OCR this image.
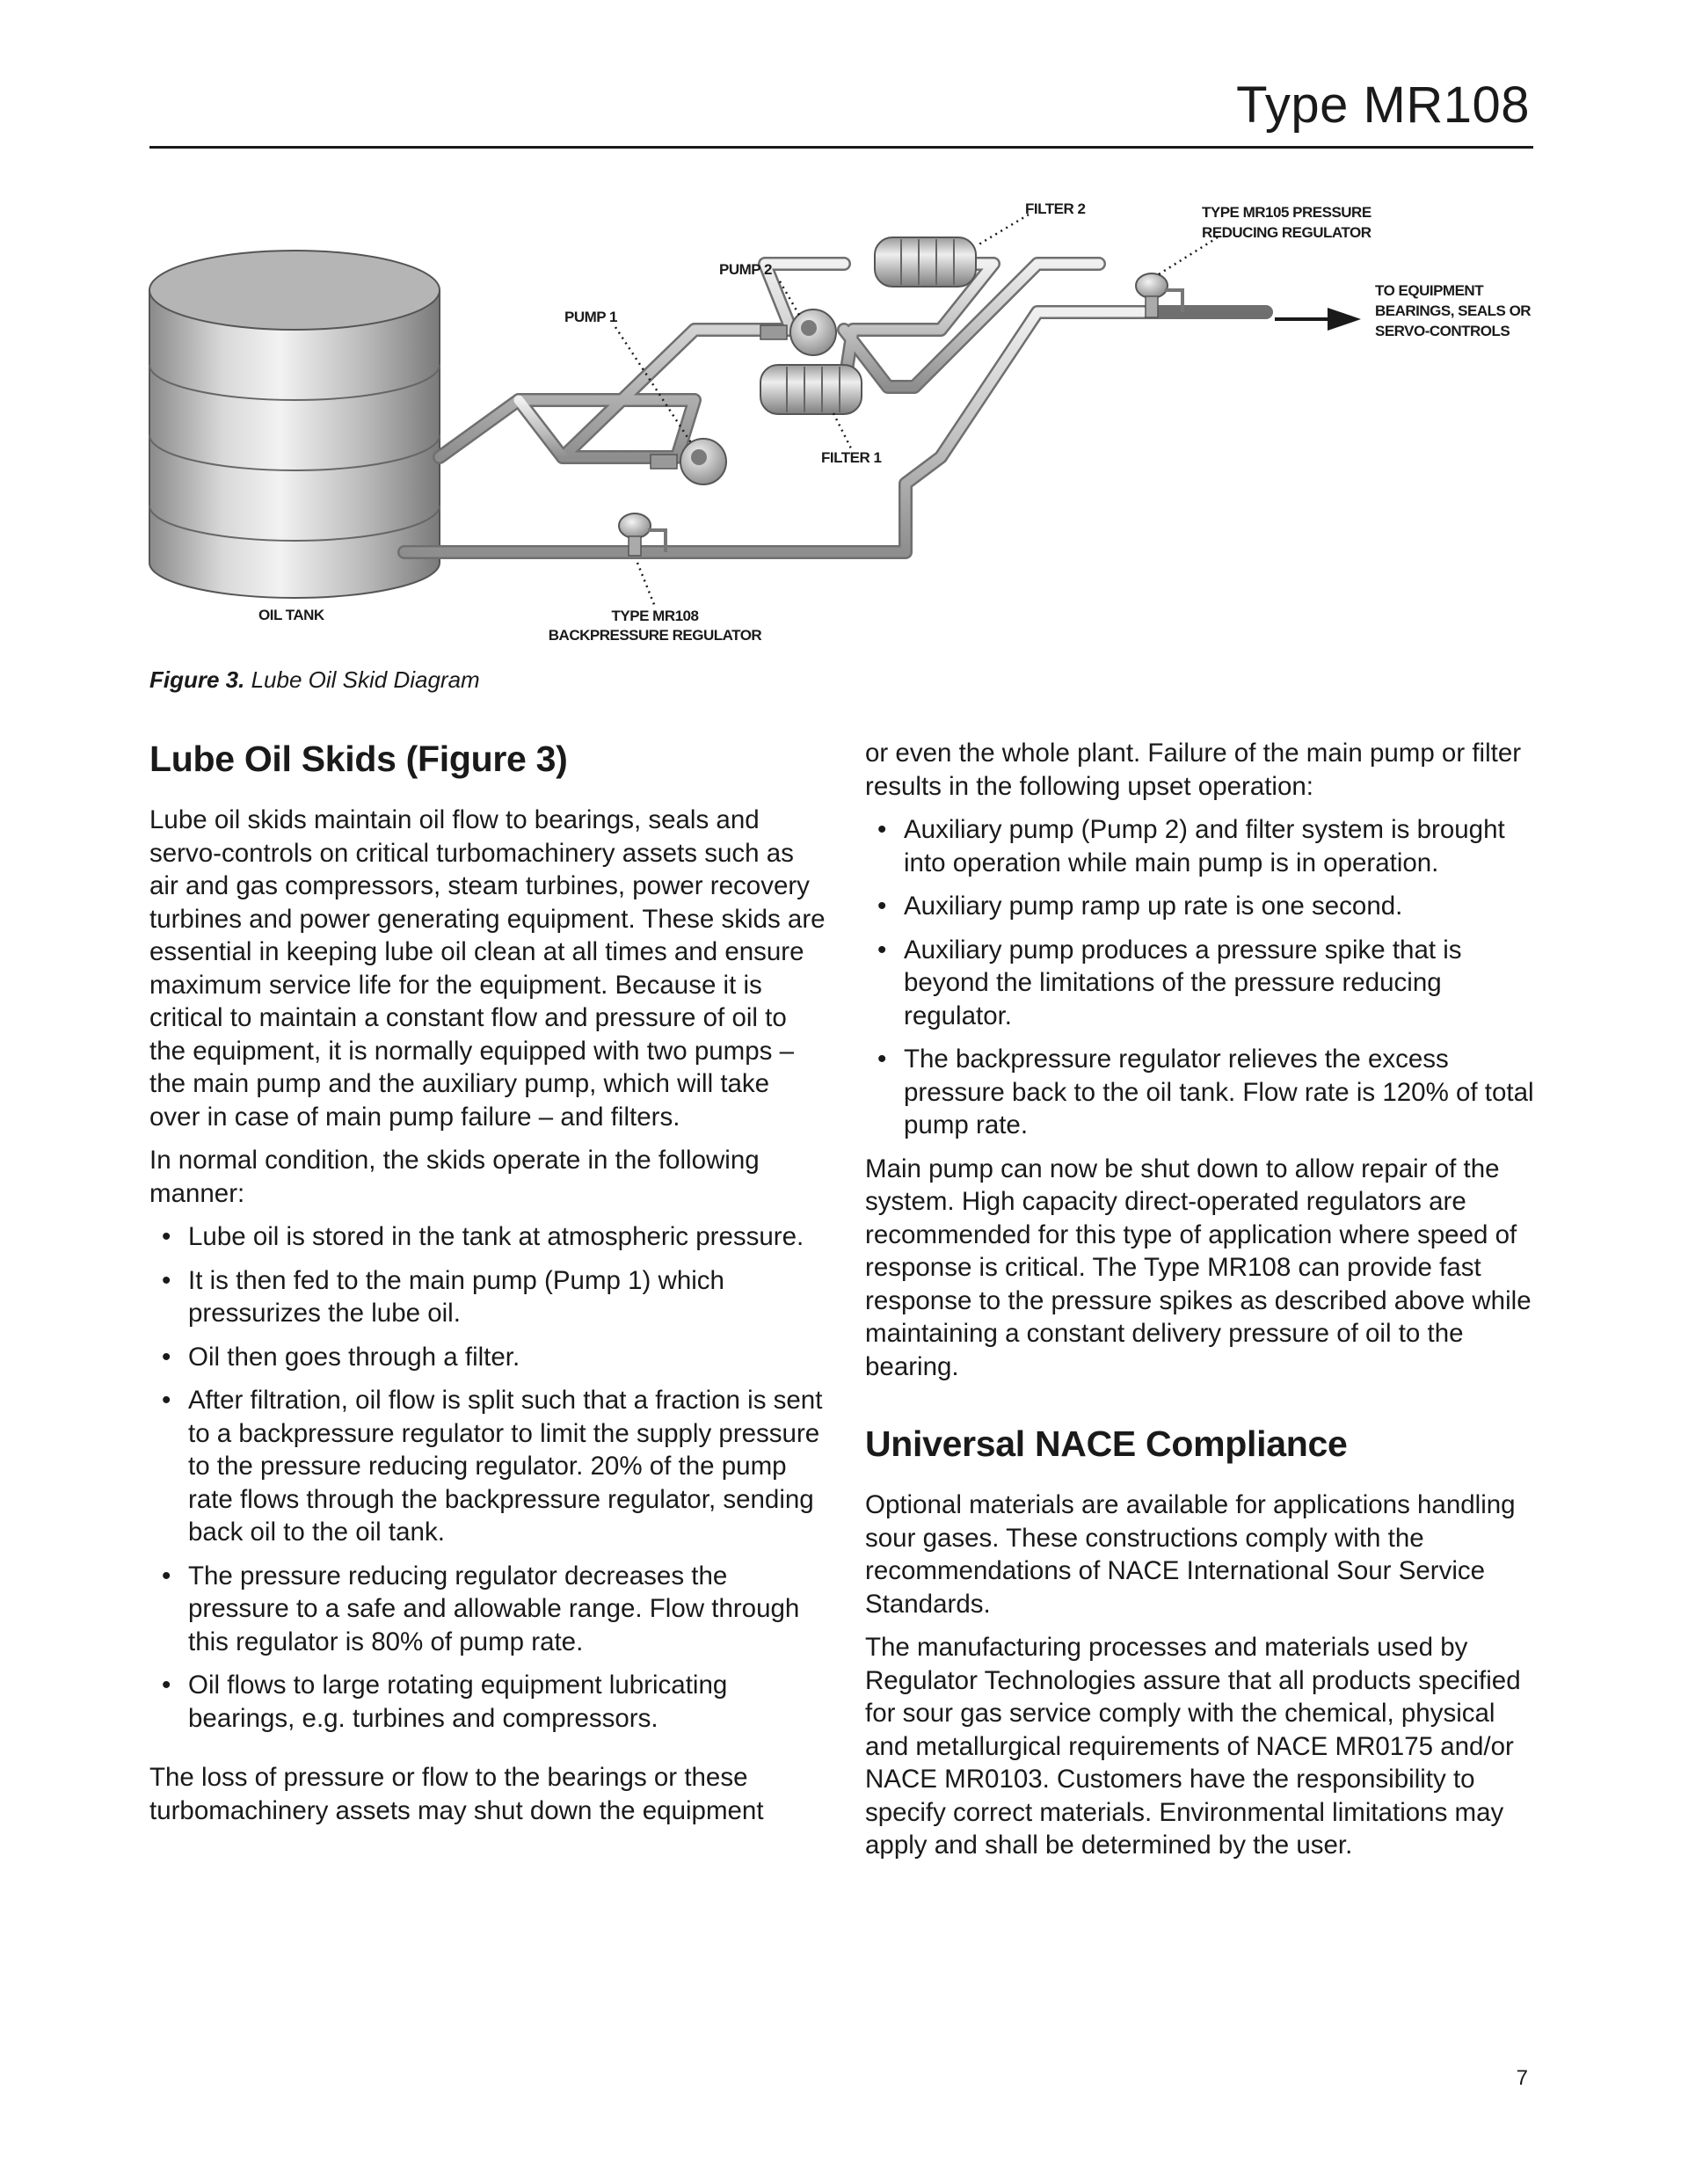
Type MR108
FILTER 2	TYPE MR105 PRESSURE
REDUCING REGULATOR
PUMP 2
PUMP 1
TO EQUIPMENT
BEARINGS, SEALS OR
SERVO-CONTROLS
FILTER 1
OIL TANK	TYPE MR108
BACKPRESSURE REGULATOR
Figure 3. Lube Oil Skid Diagram
Lube Oil Skids (Figure 3)

Lube oil skids maintain oil flow to bearings, seals and servo-controls on critical turbomachinery assets such as air and gas compressors, steam turbines, power recovery turbines and power generating equipment. These skids are essential in keeping lube oil clean at all times and ensure maximum service life for the equipment. Because it is critical to maintain a constant flow and pressure of oil to the equipment, it is normally equipped with two pumps – the main pump and the auxiliary pump, which will take over in case of main pump failure – and filters.

In normal condition, the skids operate in the following manner:

• Lube oil is stored in the tank at atmospheric pressure.
• It is then fed to the main pump (Pump 1) which pressurizes the lube oil.
• Oil then goes through a filter.
• After filtration, oil flow is split such that a fraction is sent to a backpressure regulator to limit the supply pressure to the pressure reducing regulator. 20% of the pump rate flows through the backpressure regulator, sending back oil to the oil tank.
• The pressure reducing regulator decreases the pressure to a safe and allowable range. Flow through this regulator is 80% of pump rate.
• Oil flows to large rotating equipment lubricating bearings, e.g. turbines and compressors.

The loss of pressure or flow to the bearings or these turbomachinery assets may shut down the equipment

or even the whole plant. Failure of the main pump or filter results in the following upset operation:

• Auxiliary pump (Pump 2) and filter system is brought into operation while main pump is in operation.
• Auxiliary pump ramp up rate is one second.
• Auxiliary pump produces a pressure spike that is beyond the limitations of the pressure reducing regulator.
• The backpressure regulator relieves the excess pressure back to the oil tank. Flow rate is 120% of total pump rate.

Main pump can now be shut down to allow repair of the system. High capacity direct-operated regulators are recommended for this type of application where speed of response is critical. The Type MR108 can provide fast response to the pressure spikes as described above while maintaining a constant delivery pressure of oil to the bearing.

Universal NACE Compliance

Optional materials are available for applications handling sour gases. These constructions comply with the recommendations of NACE International Sour Service Standards.

The manufacturing processes and materials used by Regulator Technologies assure that all products specified for sour gas service comply with the chemical, physical and metallurgical requirements of NACE MR0175 and/or NACE MR0103. Customers have the responsibility to specify correct materials. Environmental limitations may apply and shall be determined by the user.

7
